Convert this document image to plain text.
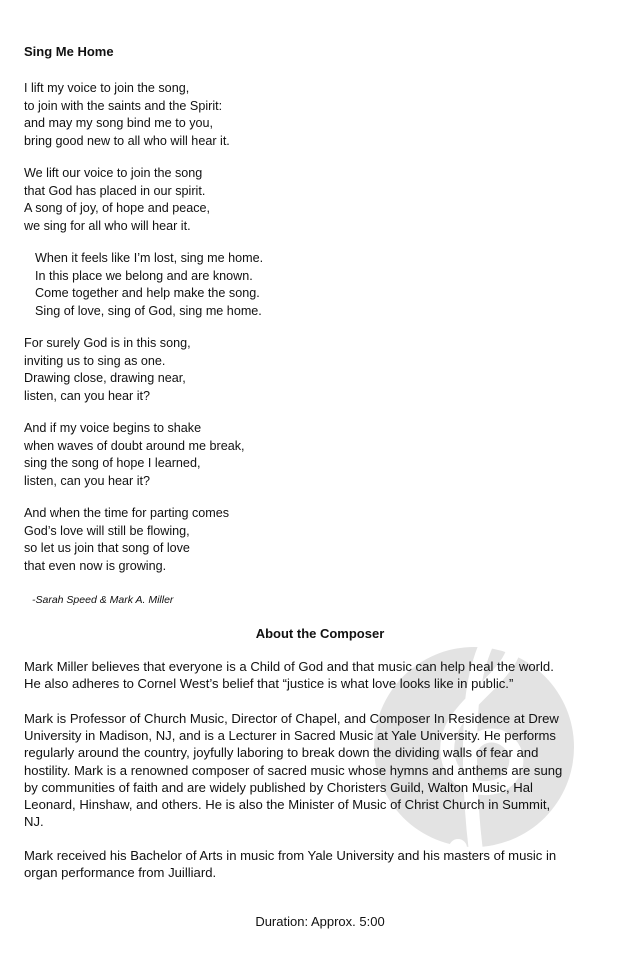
Sing Me Home
I lift my voice to join the song,
to join with the saints and the Spirit:
and may my song bind me to you,
bring good new to all who will hear it.
We lift our voice to join the song
that God has placed in our spirit.
A song of joy, of hope and peace,
we sing for all who will hear it.
When it feels like I’m lost, sing me home.
In this place we belong and are known.
Come together and help make the song.
Sing of love, sing of God, sing me home.
For surely God is in this song,
inviting us to sing as one.
Drawing close, drawing near,
listen, can you hear it?
And if my voice begins to shake
when waves of doubt around me break,
sing the song of hope I learned,
listen, can you hear it?
And when the time for parting comes
God’s love will still be flowing,
so let us join that song of love
that even now is growing.
-Sarah Speed & Mark A. Miller
About the Composer
Mark Miller believes that everyone is a Child of God and that music can help heal the world.
He also adheres to Cornel West’s belief that “justice is what love looks like in public.”
Mark is Professor of Church Music, Director of Chapel, and Composer In Residence at Drew
University in Madison, NJ, and is a Lecturer in Sacred Music at Yale University. He performs
regularly around the country, joyfully laboring to break down the dividing walls of fear and
hostility. Mark is a renowned composer of sacred music whose hymns and anthems are sung
by communities of faith and are widely published by Choristers Guild, Walton Music, Hal
Leonard, Hinshaw, and others. He is also the Minister of Music of Christ Church in Summit,
NJ.
Mark received his Bachelor of Arts in music from Yale University and his masters of music in
organ performance from Juilliard.
Duration: Approx. 5:00
